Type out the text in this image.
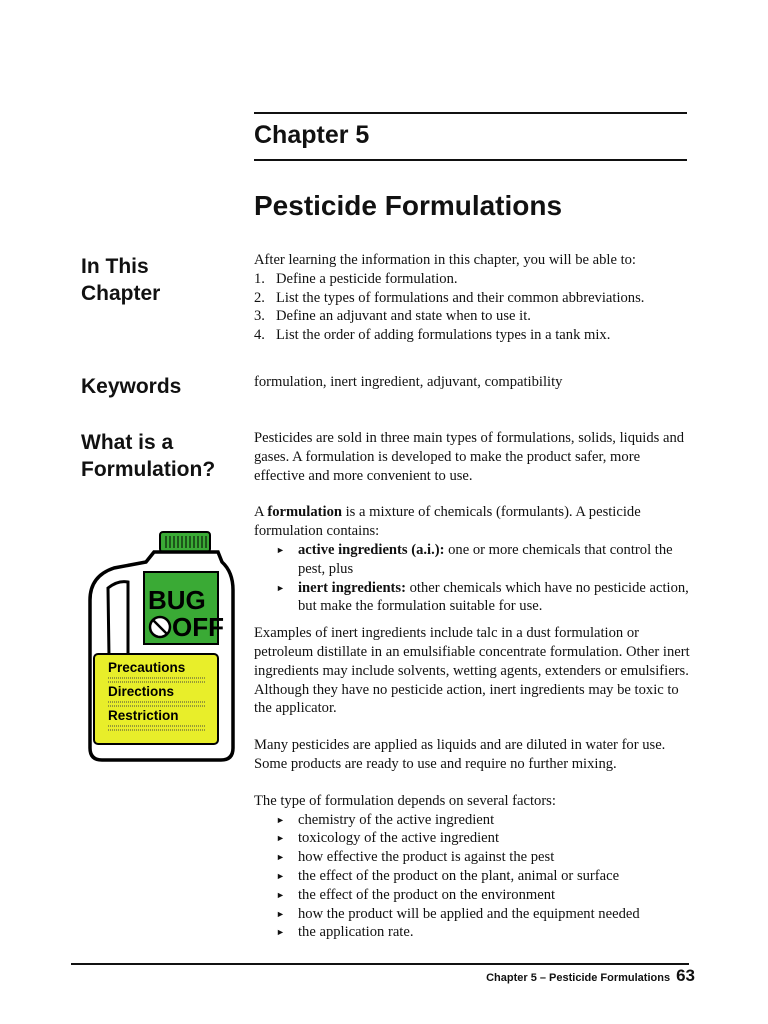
Chapter 5
Pesticide Formulations
In This
Chapter
Keywords
What is a
Formulation?

After learning the information in this chapter, you will be able to:

1. Define a pesticide formulation.
2. List the types of formulations and their common abbreviations.
3. Define an adjuvant and state when to use it.
4. List the order of adding formulations types in a tank mix.

formulation, inert ingredient, adjuvant, compatibility

Pesticides are sold in three main types of formulations, solids, liquids and gases. A formulation is developed to make the product safer, more effective and more convenient to use.

A formulation is a mixture of chemicals (formulants). A pesticide formulation contains:

► active ingredients (a.i.): one or more chemicals that control the pest, plus
► inert ingredients: other chemicals which have no pesticide action, but make the formulation suitable for use.

Examples of inert ingredients include talc in a dust formulation or petroleum distillate in an emulsifiable concentrate formulation. Other inert ingredients may include solvents, wetting agents, extenders or emulsifiers. Although they have no pesticide action, inert ingredients may be toxic to the applicator.

Many pesticides are applied as liquids and are diluted in water for use. Some products are ready to use and require no further mixing.

The type of formulation depends on several factors:

► chemistry of the active ingredient
► toxicology of the active ingredient
► how effective the product is against the pest
► the effect of the product on the plant, animal or surface
► the effect of the product on the environment
► how the product will be applied and the equipment needed
► the application rate.
BUG
OFF
Precautions
Directions
Restriction
Chapter 5 – Pesticide Formulations 63
